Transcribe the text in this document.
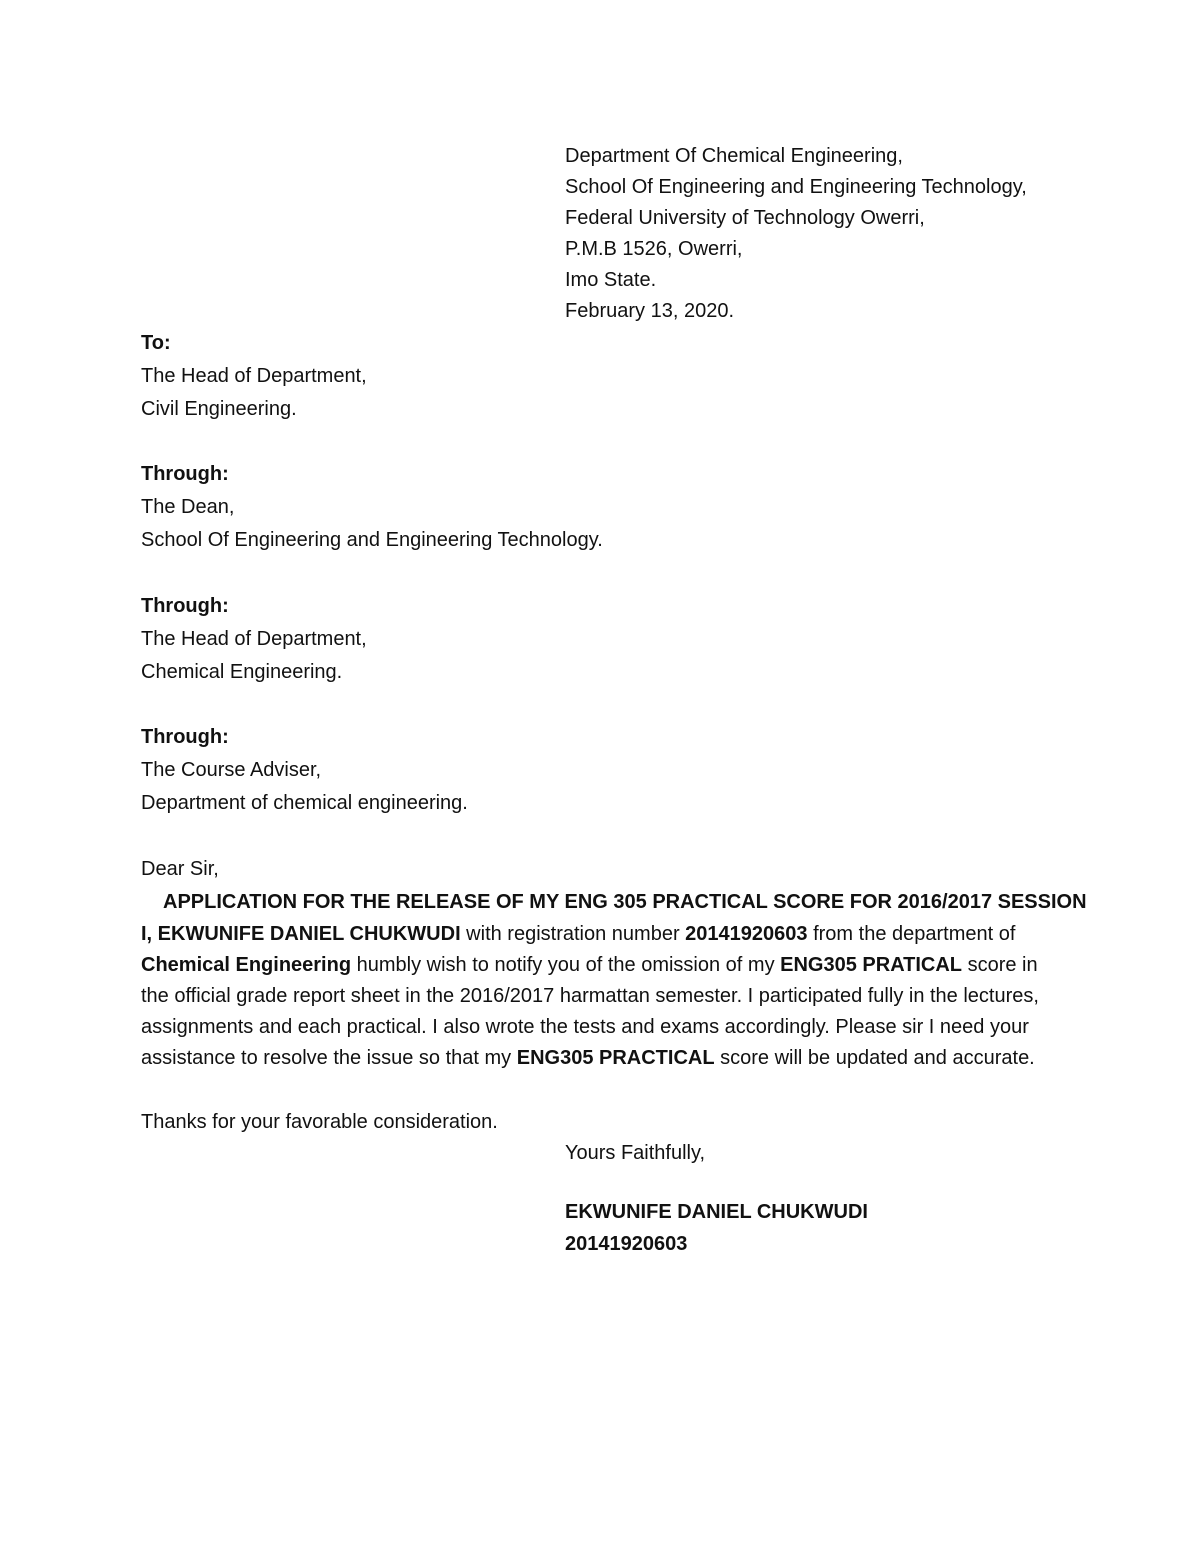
Department Of Chemical Engineering,
School Of Engineering and Engineering Technology,
Federal University of Technology Owerri,
P.M.B 1526, Owerri,
Imo State.
February 13, 2020.
To:
The Head of Department,
Civil Engineering.
Through:
The Dean,
School Of Engineering and Engineering Technology.
Through:
The Head of Department,
Chemical Engineering.
Through:
The Course Adviser,
Department of chemical engineering.
Dear Sir,
APPLICATION FOR THE RELEASE OF MY ENG 305 PRACTICAL SCORE FOR 2016/2017 SESSION
I, EKWUNIFE DANIEL CHUKWUDI with registration number 20141920603 from the department of Chemical Engineering humbly wish to notify you of the omission of my ENG305 PRATICAL score in the official grade report sheet in the 2016/2017 harmattan semester. I participated fully in the lectures, assignments and each practical. I also wrote the tests and exams accordingly. Please sir I need your assistance to resolve the issue so that my ENG305 PRACTICAL score will be updated and accurate.
Thanks for your favorable consideration.
Yours Faithfully,
EKWUNIFE DANIEL CHUKWUDI
20141920603
